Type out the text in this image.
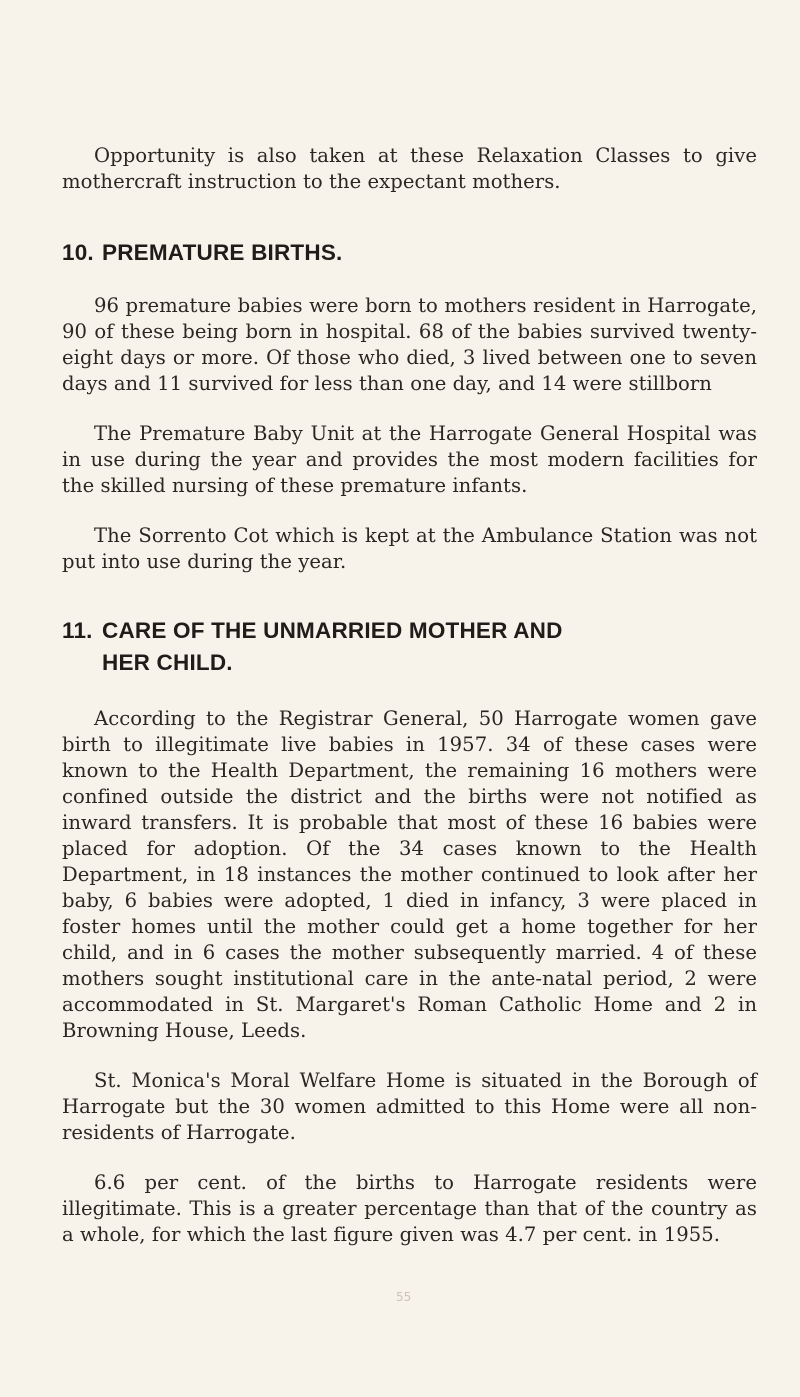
Opportunity is also taken at these Relaxation Classes to give mothercraft instruction to the expectant mothers.

10. PREMATURE BIRTHS.

96 premature babies were born to mothers resident in Harrogate, 90 of these being born in hospital. 68 of the babies survived twenty-eight days or more. Of those who died, 3 lived between one to seven days and 11 survived for less than one day, and 14 were stillborn

The Premature Baby Unit at the Harrogate General Hospital was in use during the year and provides the most modern facilities for the skilled nursing of these premature infants.

The Sorrento Cot which is kept at the Ambulance Station was not put into use during the year.

11. CARE OF THE UNMARRIED MOTHER AND
HER CHILD.

According to the Registrar General, 50 Harrogate women gave birth to illegitimate live babies in 1957. 34 of these cases were known to the Health Department, the remaining 16 mothers were confined outside the district and the births were not notified as inward transfers. It is probable that most of these 16 babies were placed for adoption. Of the 34 cases known to the Health Department, in 18 instances the mother continued to look after her baby, 6 babies were adopted, 1 died in infancy, 3 were placed in foster homes until the mother could get a home together for her child, and in 6 cases the mother subsequently married. 4 of these mothers sought institutional care in the ante-natal period, 2 were accommodated in St. Margaret's Roman Catholic Home and 2 in Browning House, Leeds.

St. Monica's Moral Welfare Home is situated in the Borough of Harrogate but the 30 women admitted to this Home were all non-residents of Harrogate.

6.6 per cent. of the births to Harrogate residents were illegitimate. This is a greater percentage than that of the country as a whole, for which the last figure given was 4.7 per cent. in 1955.

55
